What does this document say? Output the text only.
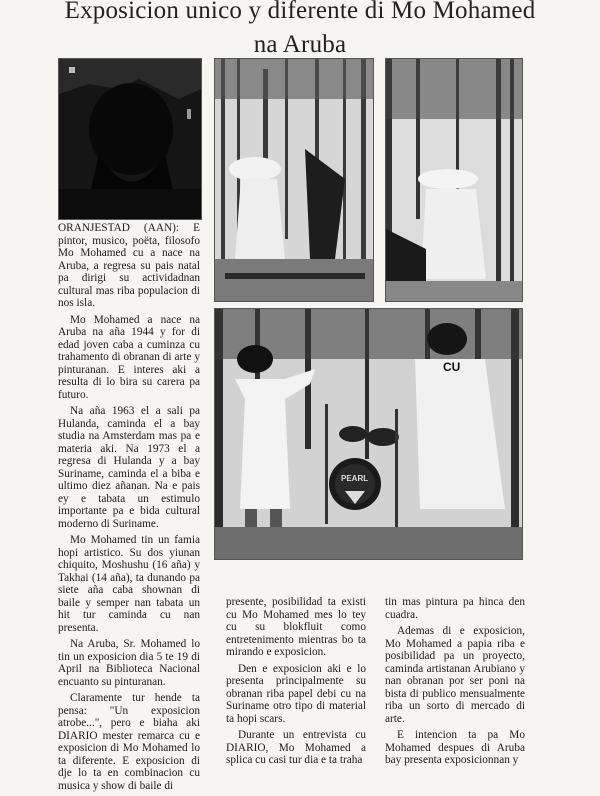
Exposicion unico y diferente di Mo Mohamed
na Aruba
CU
PEARL

ORANJESTAD (AAN): E pintor, musico, poëta, filosofo Mo Mohamed cu a nace na Aruba, a regresa su pais natal pa dirigi su actividadnan cultural mas riba populacion di nos isla.

Mo Mohamed a nace na Aruba na aña 1944 y for di edad joven caba a cuminza cu trahamento di obranan di arte y pinturanan. E interes aki a resulta di lo bira su carera pa futuro.

Na aña 1963 el a sali pa Hulanda, caminda el a bay studia na Amsterdam mas pa e materia aki. Na 1973 el a regresa di Hulanda y a bay Suriname, caminda el a biba e ultimo diez añanan. Na e pais ey e tabata un estimulo importante pa e bida cultural moderno di Suriname.

Mo Mohamed tin un famia hopi artistico. Su dos yiunan chiquito, Moshushu (16 aña) y Takhai (14 aña), ta dunando pa siete aña caba shownan di baile y semper nan tabata un hit tur caminda cu nan presenta.

Na Aruba, Sr. Mohamed lo tin un exposicion dia 5 te 19 di April na Biblioteca Nacional encuanto su pinturanan.

Claramente tur hende ta pensa: "Un exposicion atrobe...", pero e biaha aki DIARIO mester remarca cu e exposicion di Mo Mohamed lo ta diferente. E exposicion di dje lo ta en combinacion cu musica y show di baile di

presente, posibilidad ta existi cu Mo Mohamed mes lo tey cu su blokfluit como entretenimento mientras bo ta mirando e exposicion.

Den e exposicion aki e lo presenta principalmente su obranan riba papel debi cu na Suriname otro tipo di material ta hopi scars.

Durante un entrevista cu DIARIO, Mo Mohamed a splica cu casi tur dia e ta traha

tin mas pintura pa hinca den cuadra.

Ademas di e exposicion, Mo Mohamed a papia riba e posibilidad pa un proyecto, caminda artistanan Arubiano y nan obranan por ser poni na bista di publico mensualmente riba un sorto di mercado di arte.

E intencion ta pa Mo Mohamed despues di Aruba bay presenta exposicionnan y
